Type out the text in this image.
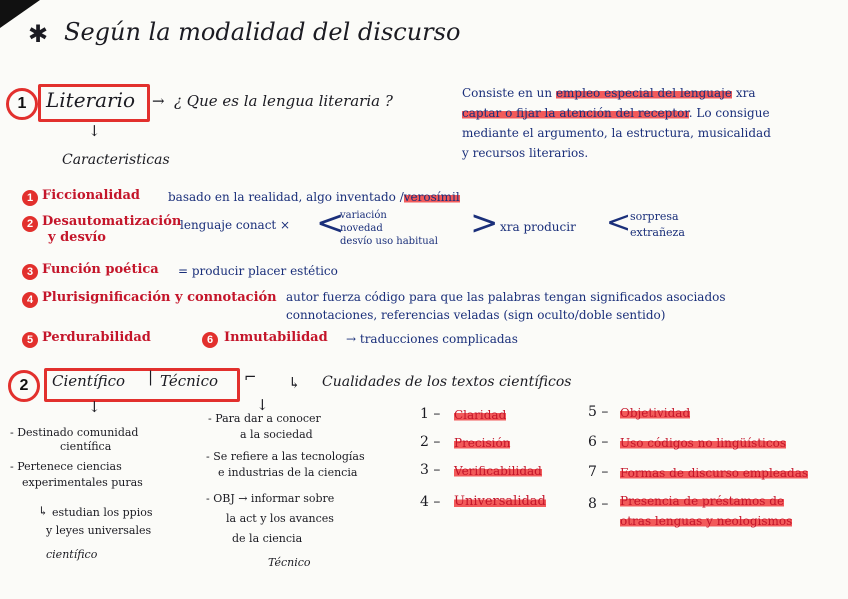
✱ Según la modalidad del discurso
1 Literario → ¿ Que es la lengua literaria ?	Consiste en un empleo especial del lenguaje xra
captar o fijar la atención del receptor. Lo consigue
mediante el argumento, la estructura, musicalidad
y recursos literarios.
↓
Caracteristicas
1 Ficcionalidad basado en la realidad, algo inventado /verosímil
2 Desautomatización
y desvío
lenguaje conact × <
variación
novedad
desvío uso habitual > xra producir <
sorpresa
extrañeza
3 Función poética = producir placer estético
4 Plurisignificación y connotación autor fuerza código para que las palabras tengan significados asociados
connotaciones, referencias veladas (sign oculto/doble sentido)
5 Perdurabilidad	6 Inmutabilidad → traducciones complicadas
2	Científico | Técnico ⌐ ↳ Cualidades de los textos científicos
↓	↓
- Destinado comunidad
científica
- Pertenece ciencias
experimentales puras
↳ estudian los ppios
y leyes universales
científico
- Para dar a conocer
a la sociedad
- Se refiere a las tecnologías
e industrias de la ciencia
- OBJ → informar sobre
la act y los avances
de la ciencia
Técnico
1 – Claridad
2 – Precisión
3 – Verificabilidad
4 – Universalidad
5 – Objetividad
6 – Uso códigos no lingüísticos
7 – Formas de discurso empleadas
8 – Presencia de préstamos de
otras lenguas y neologismos
